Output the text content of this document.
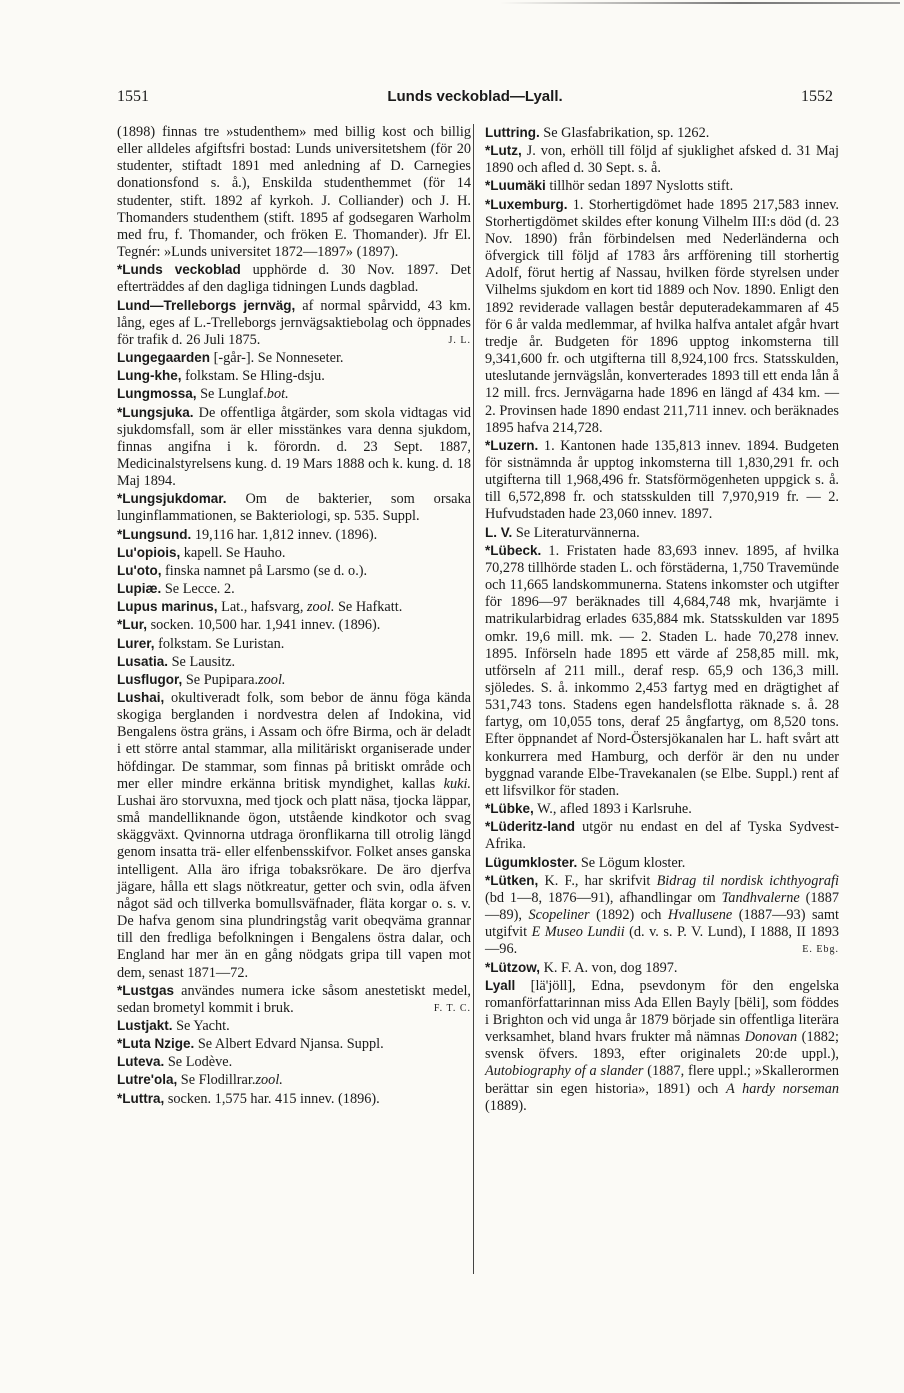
1551	Lunds veckoblad—Lyall.	1552

(1898) finnas tre »studenthem» med billig kost och billig eller alldeles afgiftsfri bostad: Lunds universitetshem (för 20 studenter, stiftadt 1891 med anledning af D. Carnegies donationsfond s. å.), Enskilda studenthemmet (för 14 studenter, stift. 1892 af kyrkoh. J. Colliander) och J. H. Thomanders studenthem (stift. 1895 af godsegaren Warholm med fru, f. Thomander, och fröken E. Thomander). Jfr El. Tegnér: »Lunds universitet 1872—1897» (1897).

*Lunds veckoblad upphörde d. 30 Nov. 1897. Det efterträddes af den dagliga tidningen Lunds dagblad.

Lund—Trelleborgs jernväg, af normal spårvidd, 43 km. lång, eges af L.-Trelleborgs jernvägsaktiebolag och öppnades för trafik d. 26 Juli 1875.	J. L.

Lungegaarden [-går-]. Se Nonneseter.

Lung-khe, folkstam. Se Hling-dsju.

Lungmossa, Se Lunglaf.bot.

*Lungsjuka. De offentliga åtgärder, som skola vidtagas vid sjukdomsfall, som är eller misstänkes vara denna sjukdom, finnas angifna i k. förordn. d. 23 Sept. 1887, Medicinalstyrelsens kung. d. 19 Mars 1888 och k. kung. d. 18 Maj 1894.

*Lungsjukdomar. Om de bakterier, som orsaka lunginflammationen, se Bakteriologi, sp. 535. Suppl.

*Lungsund. 19,116 har. 1,812 innev. (1896).

Lu'opiois, kapell. Se Hauho.

Lu'oto, finska namnet på Larsmo (se d. o.).

Lupiæ. Se Lecce. 2.

Lupus marinus, Lat., hafsvarg, zool. Se Hafkatt.

*Lur, socken. 10,500 har. 1,941 innev. (1896).

Lurer, folkstam. Se Luristan.

Lusatia. Se Lausitz.

Lusflugor, Se Pupipara.zool.

Lushai, okultiveradt folk, som bebor de ännu föga kända skogiga berglanden i nordvestra delen af Indokina, vid Bengalens östra gräns, i Assam och öfre Birma, och är deladt i ett större antal stammar, alla militäriskt organiserade under höfdingar. De stammar, som finnas på britiskt område och mer eller mindre erkänna britisk myndighet, kallas kuki. Lushai äro storvuxna, med tjock och platt näsa, tjocka läppar, små mandelliknande ögon, utstående kindkotor och svag skäggväxt. Qvinnorna utdraga öronflikarna till otrolig längd genom insatta trä- eller elfenbensskifvor. Folket anses ganska intelligent. Alla äro ifriga tobaksrökare. De äro djerfva jägare, hålla ett slags nötkreatur, getter och svin, odla äfven något säd och tillverka bomullsväfnader, fläta korgar o. s. v. De hafva genom sina plundringståg varit obeqväma grannar till den fredliga befolkningen i Bengalens östra dalar, och England har mer än en gång nödgats gripa till vapen mot dem, senast 1871—72.

*Lustgas användes numera icke såsom anestetiskt medel, sedan brometyl kommit i bruk.	F. T. C.

Lustjakt. Se Yacht.

*Luta Nzige. Se Albert Edvard Njansa. Suppl.

Luteva. Se Lodève.

Lutre'ola, Se Flodillrar.zool.

*Luttra, socken. 1,575 har. 415 innev. (1896).

Luttring. Se Glasfabrikation, sp. 1262.

*Lutz, J. von, erhöll till följd af sjuklighet afsked d. 31 Maj 1890 och afled d. 30 Sept. s. å.

*Luumäki tillhör sedan 1897 Nyslotts stift.

*Luxemburg. 1. Storhertigdömet hade 1895 217,583 innev. Storhertigdömet skildes efter konung Vilhelm III:s död (d. 23 Nov. 1890) från förbindelsen med Nederländerna och öfvergick till följd af 1783 års arfförening till storhertig Adolf, förut hertig af Nassau, hvilken förde styrelsen under Vilhelms sjukdom en kort tid 1889 och Nov. 1890. Enligt den 1892 reviderade vallagen består deputeradekammaren af 45 för 6 år valda medlemmar, af hvilka halfva antalet afgår hvart tredje år. Budgeten för 1896 upptog inkomsterna till 9,341,600 fr. och utgifterna till 8,924,100 frcs. Statsskulden, uteslutande jernvägslån, konverterades 1893 till ett enda lån å 12 mill. frcs. Jernvägarna hade 1896 en längd af 434 km. — 2. Provinsen hade 1890 endast 211,711 innev. och beräknades 1895 hafva 214,728.

*Luzern. 1. Kantonen hade 135,813 innev. 1894. Budgeten för sistnämnda år upptog inkomsterna till 1,830,291 fr. och utgifterna till 1,968,496 fr. Statsförmögenheten uppgick s. å. till 6,572,898 fr. och statsskulden till 7,970,919 fr. — 2. Hufvudstaden hade 23,060 innev. 1897.

L. V. Se Literaturvännerna.

*Lübeck. 1. Fristaten hade 83,693 innev. 1895, af hvilka 70,278 tillhörde staden L. och förstäderna, 1,750 Travemünde och 11,665 landskommunerna. Statens inkomster och utgifter för 1896—97 beräknades till 4,684,748 mk, hvarjämte i matrikularbidrag erlades 635,884 mk. Statsskulden var 1895 omkr. 19,6 mill. mk. — 2. Staden L. hade 70,278 innev. 1895. Införseln hade 1895 ett värde af 258,85 mill. mk, utförseln af 211 mill., deraf resp. 65,9 och 136,3 mill. sjöledes. S. å. inkommo 2,453 fartyg med en drägtighet af 531,743 tons. Stadens egen handelsflotta räknade s. å. 28 fartyg, om 10,055 tons, deraf 25 ångfartyg, om 8,520 tons. Efter öppnandet af Nord-Östersjökanalen har L. haft svårt att konkurrera med Hamburg, och derför är den nu under byggnad varande Elbe-Travekanalen (se Elbe. Suppl.) rent af ett lifsvilkor för staden.

*Lübke, W., afled 1893 i Karlsruhe.

*Lüderitz-land utgör nu endast en del af Tyska Sydvest-Afrika.

Lügumkloster. Se Lögum kloster.

*Lütken, K. F., har skrifvit Bidrag til nordisk ichthyografi (bd 1—8, 1876—91), afhandlingar om Tandhvalerne (1887—89), Scopeliner (1892) och Hvallusene (1887—93) samt utgifvit E Museo Lundii (d. v. s. P. V. Lund), I 1888, II 1893 —96.	E. Ebg.

*Lützow, K. F. A. von, dog 1897.

Lyall [lä'jöll], Edna, psevdonym för den engelska romanförfattarinnan miss Ada Ellen Bayly [bëli], som föddes i Brighton och vid unga år 1879 började sin offentliga literära verksamhet, bland hvars frukter må nämnas Donovan (1882; svensk öfvers. 1893, efter originalets 20:de uppl.), Autobiography of a slander (1887, flere uppl.; »Skallerormen berättar sin egen historia», 1891) och A hardy norseman (1889).
